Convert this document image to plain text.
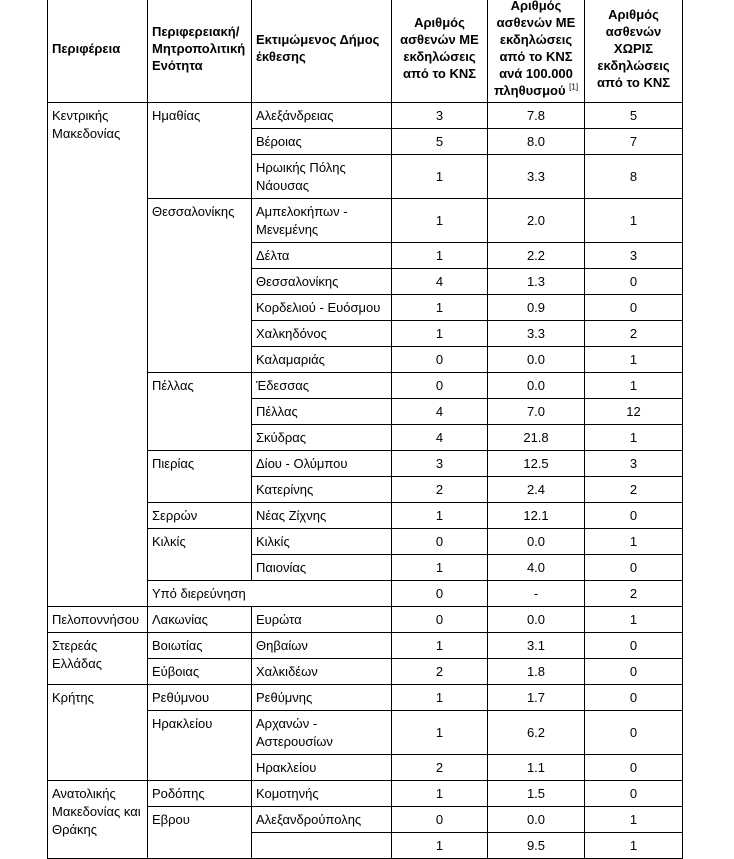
Περιφέρεια	Περιφερειακή/ Μητροπολιτική Ενότητα	Εκτιμώμενος Δήμος έκθεσης	Αριθμός ασθενών ΜΕ εκδηλώσεις από το ΚΝΣ	Αριθμός ασθενών ΜΕ εκδηλώσεις από το ΚΝΣ ανά 100.000 πληθυσμού [1]	Αριθμός ασθενών ΧΩΡΙΣ εκδηλώσεις από το ΚΝΣ
Κεντρικής Μακεδονίας	Ημαθίας	Αλεξάνδρειας	3	7.8	5
		Βέροιας	5	8.0	7
		Ηρωικής Πόλης Νάουσας	1	3.3	8
	Θεσσαλονίκης	Αμπελοκήπων - Μενεμένης	1	2.0	1
		Δέλτα	1	2.2	3
		Θεσσαλονίκης	4	1.3	0
		Κορδελιού - Ευόσμου	1	0.9	0
		Χαλκηδόνος	1	3.3	2
		Καλαμαριάς	0	0.0	1
	Πέλλας	Έδεσσας	0	0.0	1
		Πέλλας	4	7.0	12
		Σκύδρας	4	21.8	1
	Πιερίας	Δίου - Ολύμπου	3	12.5	3
		Κατερίνης	2	2.4	2
	Σερρών	Νέας Ζίχνης	1	12.1	0
	Κιλκίς	Κιλκίς	0	0.0	1
		Παιονίας	1	4.0	0
	Υπό διερεύνηση		0	-	2
Πελοποννήσου	Λακωνίας	Ευρώτα	0	0.0	1
Στερεάς Ελλάδας	Βοιωτίας	Θηβαίων	1	3.1	0
	Εύβοιας	Χαλκιδέων	2	1.8	0
Κρήτης	Ρεθύμνου	Ρεθύμνης	1	1.7	0
	Ηρακλείου	Αρχανών - Αστερουσίων	1	6.2	0
		Ηρακλείου	2	1.1	0
Ανατολικής Μακεδονίας και Θράκης	Ροδόπης	Κομοτηνής	1	1.5	0
	Εβρου	Αλεξανδρούπολης	0	0.0	1
			1	9.5	1
